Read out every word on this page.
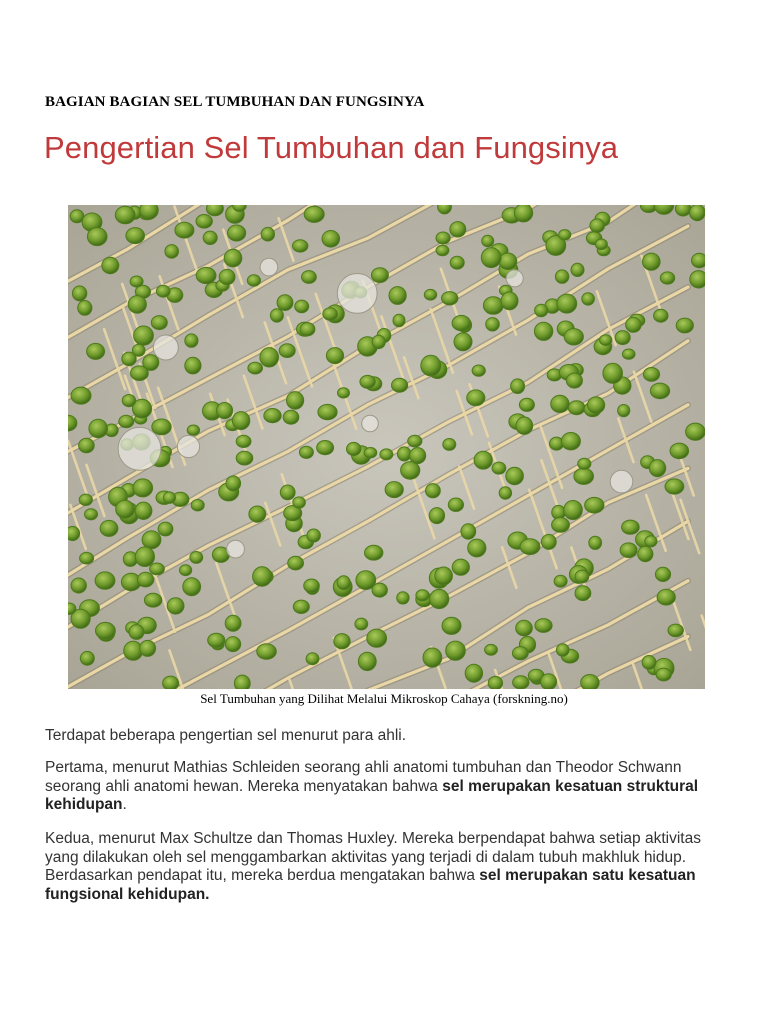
BAGIAN BAGIAN SEL TUMBUHAN DAN FUNGSINYA
Pengertian Sel Tumbuhan dan Fungsinya
Sel Tumbuhan yang Dilihat Melalui Mikroskop Cahaya (forskning.no)

Terdapat beberapa pengertian sel menurut para ahli.

Pertama, menurut Mathias Schleiden seorang ahli anatomi tumbuhan dan Theodor Schwann seorang ahli anatomi hewan. Mereka menyatakan bahwa sel merupakan kesatuan struktural kehidupan.

Kedua, menurut Max Schultze dan Thomas Huxley. Mereka berpendapat bahwa setiap aktivitas yang dilakukan oleh sel menggambarkan aktivitas yang terjadi di dalam tubuh makhluk hidup. Berdasarkan pendapat itu, mereka berdua mengatakan bahwa sel merupakan satu kesatuan fungsional kehidupan.
